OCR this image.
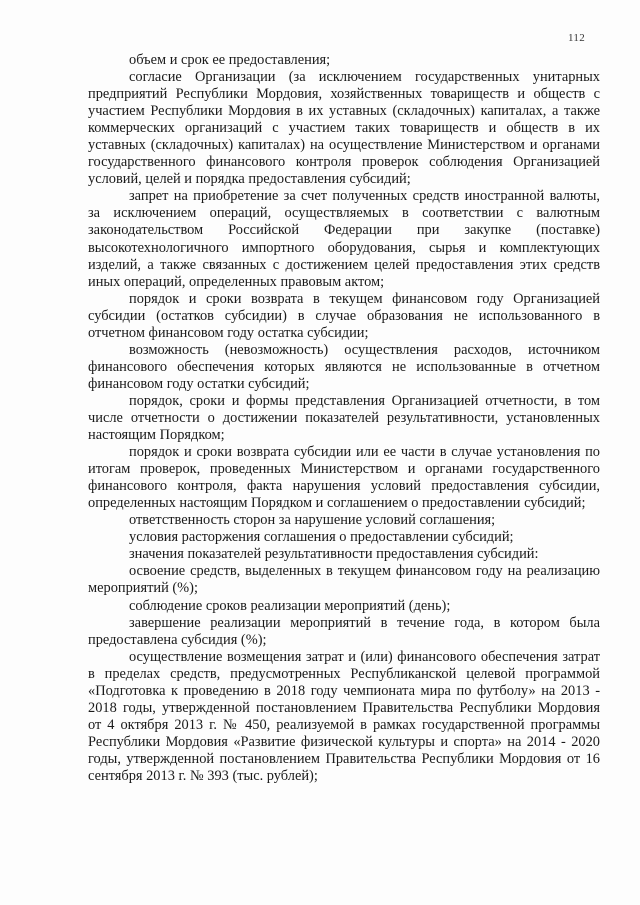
112

объем и срок ее предоставления;

согласие Организации (за исключением государственных унитарных предприятий Республики Мордовия, хозяйственных товариществ и обществ с участием Республики Мордовия в их уставных (складочных) капиталах, а также коммерческих организаций с участием таких товариществ и обществ в их уставных (складочных) капиталах) на осуществление Министерством и органами государственного финансового контроля проверок соблюдения Организацией условий, целей и порядка предоставления субсидий;

запрет на приобретение за счет полученных средств иностранной валюты, за исключением операций, осуществляемых в соответствии с валютным законодательством Российской Федерации при закупке (поставке) высокотехнологичного импортного оборудования, сырья и комплектующих изделий, а также связанных с достижением целей предоставления этих средств иных операций, определенных правовым актом;

порядок и сроки возврата в текущем финансовом году Организацией субсидии (остатков субсидии) в случае образования не использованного в отчетном финансовом году остатка субсидии;

возможность (невозможность) осуществления расходов, источником финансового обеспечения которых являются не использованные в отчетном финансовом году остатки субсидий;

порядок, сроки и формы представления Организацией отчетности, в том числе отчетности о достижении показателей результативности, установленных настоящим Порядком;

порядок и сроки возврата субсидии или ее части в случае установления по итогам проверок, проведенных Министерством и органами государственного финансового контроля, факта нарушения условий предоставления субсидии, определенных настоящим Порядком и соглашением о предоставлении субсидий;

ответственность сторон за нарушение условий соглашения;

условия расторжения соглашения о предоставлении субсидий;

значения показателей результативности предоставления субсидий:

освоение средств, выделенных в текущем финансовом году на реализацию мероприятий (%);

соблюдение сроков реализации мероприятий (день);

завершение реализации мероприятий в течение года, в котором была предоставлена субсидия (%);

осуществление возмещения затрат и (или) финансового обеспечения затрат в пределах средств, предусмотренных Республиканской целевой программой «Подготовка к проведению в 2018 году чемпионата мира по футболу» на 2013 - 2018 годы, утвержденной постановлением Правительства Республики Мордовия от 4 октября 2013 г. № 450, реализуемой в рамках государственной программы Республики Мордовия «Развитие физической культуры и спорта» на 2014 - 2020 годы, утвержденной постановлением Правительства Республики Мордовия от 16 сентября 2013 г. № 393 (тыс. рублей);
